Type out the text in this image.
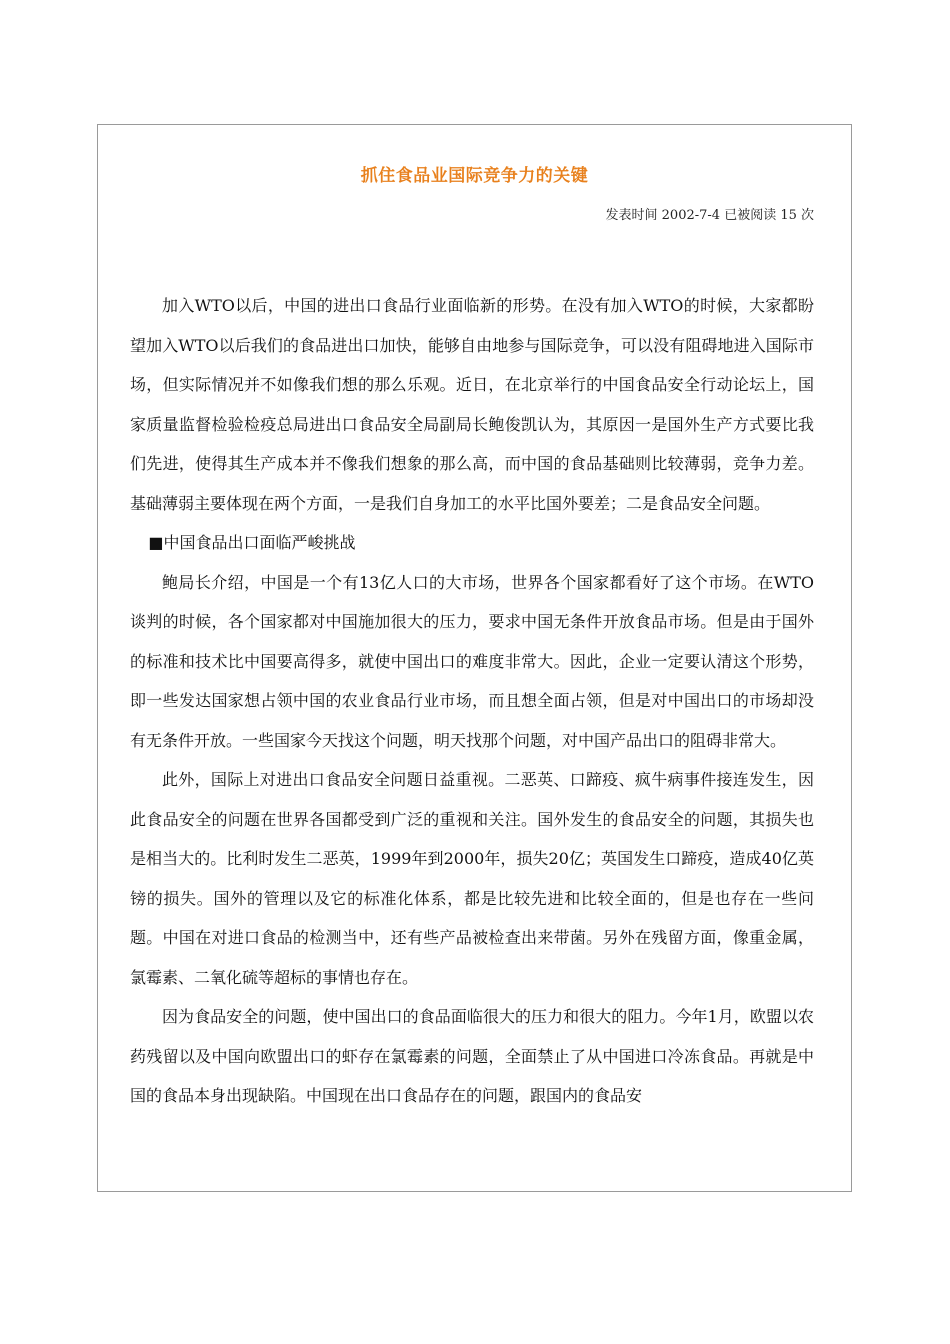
抓住食品业国际竞争力的关键
发表时间 2002-7-4 已被阅读 15 次

加入WTO以后，中国的进出口食品行业面临新的形势。在没有加入WTO的时候，大家都盼望加入WTO以后我们的食品进出口加快，能够自由地参与国际竞争，可以没有阻碍地进入国际市场，但实际情况并不如像我们想的那么乐观。近日，在北京举行的中国食品安全行动论坛上，国家质量监督检验检疫总局进出口食品安全局副局长鲍俊凯认为，其原因一是国外生产方式要比我们先进，使得其生产成本并不像我们想象的那么高，而中国的食品基础则比较薄弱，竞争力差。基础薄弱主要体现在两个方面，一是我们自身加工的水平比国外要差；二是食品安全问题。

■中国食品出口面临严峻挑战

鲍局长介绍，中国是一个有13亿人口的大市场，世界各个国家都看好了这个市场。在WTO谈判的时候，各个国家都对中国施加很大的压力，要求中国无条件开放食品市场。但是由于国外的标准和技术比中国要高得多，就使中国出口的难度非常大。因此，企业一定要认清这个形势，即一些发达国家想占领中国的农业食品行业市场，而且想全面占领，但是对中国出口的市场却没有无条件开放。一些国家今天找这个问题，明天找那个问题，对中国产品出口的阻碍非常大。

此外，国际上对进出口食品安全问题日益重视。二恶英、口蹄疫、疯牛病事件接连发生，因此食品安全的问题在世界各国都受到广泛的重视和关注。国外发生的食品安全的问题，其损失也是相当大的。比利时发生二恶英，1999年到2000年，损失20亿；英国发生口蹄疫，造成40亿英镑的损失。国外的管理以及它的标准化体系，都是比较先进和比较全面的，但是也存在一些问题。中国在对进口食品的检测当中，还有些产品被检查出来带菌。另外在残留方面，像重金属，氯霉素、二氧化硫等超标的事情也存在。

因为食品安全的问题，使中国出口的食品面临很大的压力和很大的阻力。今年1月，欧盟以农药残留以及中国向欧盟出口的虾存在氯霉素的问题，全面禁止了从中国进口冷冻食品。再就是中国的食品本身出现缺陷。中国现在出口食品存在的问题，跟国内的食品安
